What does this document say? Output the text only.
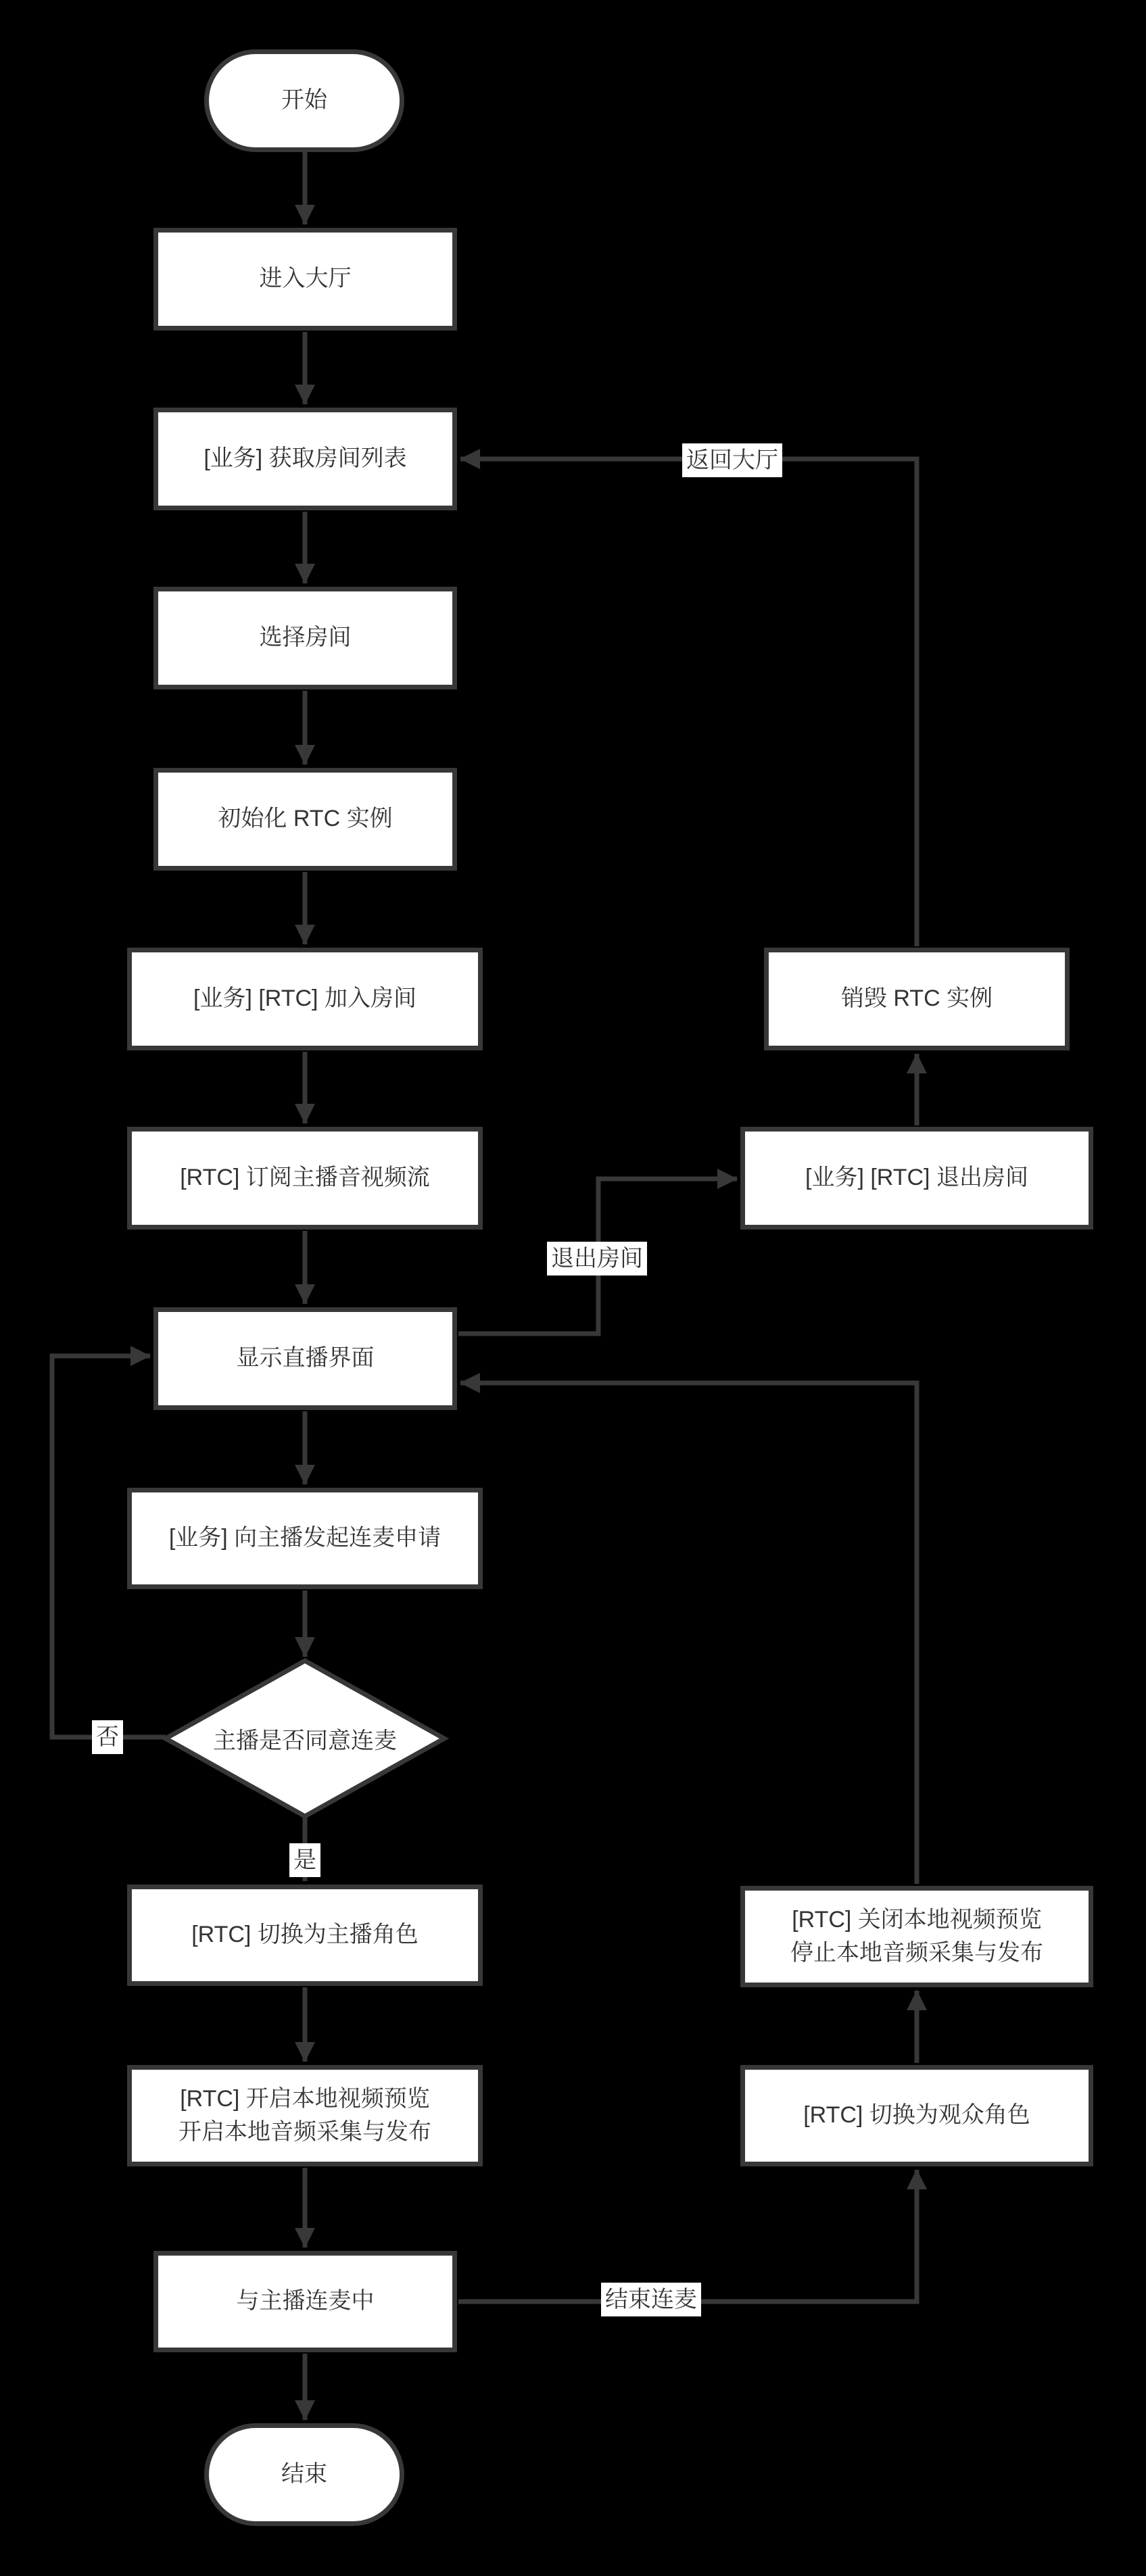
开始
进入大厅
[业务] 获取房间列表
选择房间
初始化 RTC 实例
[业务] [RTC] 加入房间
[RTC] 订阅主播音视频流
显示直播界面
[业务] 向主播发起连麦申请
主播是否同意连麦
[RTC] 切换为主播角色
[RTC] 开启本地视频预览
开启本地音频采集与发布
与主播连麦中
结束
销毁 RTC 实例
[业务] [RTC] 退出房间
[RTC] 关闭本地视频预览
停止本地音频采集与发布
[RTC] 切换为观众角色
返回大厅
退出房间
否
是
结束连麦
